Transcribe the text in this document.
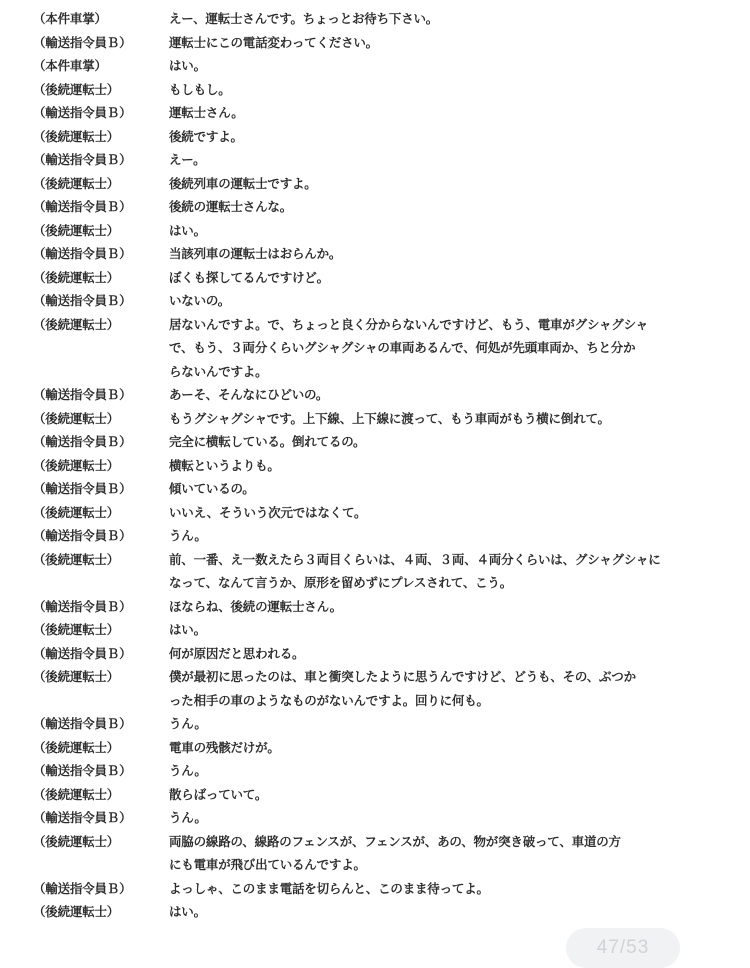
（本件車掌）	えー、運転士さんです。ちょっとお待ち下さい。
（輸送指令員Ｂ）	運転士にこの電話変わってください。
（本件車掌）	はい。
（後続運転士）	もしもし。
（輸送指令員Ｂ）	運転士さん。
（後続運転士）	後続ですよ。
（輸送指令員Ｂ）	えー。
（後続運転士）	後続列車の運転士ですよ。
（輸送指令員Ｂ）	後続の運転士さんな。
（後続運転士）	はい。
（輸送指令員Ｂ）	当該列車の運転士はおらんか。
（後続運転士）	ぼくも探してるんですけど。
（輸送指令員Ｂ）	いないの。
（後続運転士）	居ないんですよ。で、ちょっと良く分からないんですけど、もう、電車がグシャグシャ
で、もう、３両分くらいグシャグシャの車両あるんで、何処が先頭車両か、ちと分か
らないんですよ。
（輸送指令員Ｂ）	あーそ、そんなにひどいの。
（後続運転士）	もうグシャグシャです。上下線、上下線に渡って、もう車両がもう横に倒れて。
（輸送指令員Ｂ）	完全に横転している。倒れてるの。
（後続運転士）	横転というよりも。
（輸送指令員Ｂ）	傾いているの。
（後続運転士）	いいえ、そういう次元ではなくて。
（輸送指令員Ｂ）	うん。
（後続運転士）	前、一番、え一数えたら３両目くらいは、４両、３両、４両分くらいは、グシャグシャに
なって、なんて言うか、原形を留めずにプレスされて、こう。
（輸送指令員Ｂ）	ほならね、後続の運転士さん。
（後続運転士）	はい。
（輸送指令員Ｂ）	何が原因だと思われる。
（後続運転士）	僕が最初に思ったのは、車と衝突したように思うんですけど、どうも、その、ぶつか
った相手の車のようなものがないんですよ。回りに何も。
（輸送指令員Ｂ）	うん。
（後続運転士）	電車の残骸だけが。
（輸送指令員Ｂ）	うん。
（後続運転士）	散らばっていて。
（輸送指令員Ｂ）	うん。
（後続運転士）	両脇の線路の、線路のフェンスが、フェンスが、あの、物が突き破って、車道の方
にも電車が飛び出ているんですよ。
（輸送指令員Ｂ）	よっしゃ、このまま電話を切らんと、このまま待ってよ。
（後続運転士）	はい。
47/53
